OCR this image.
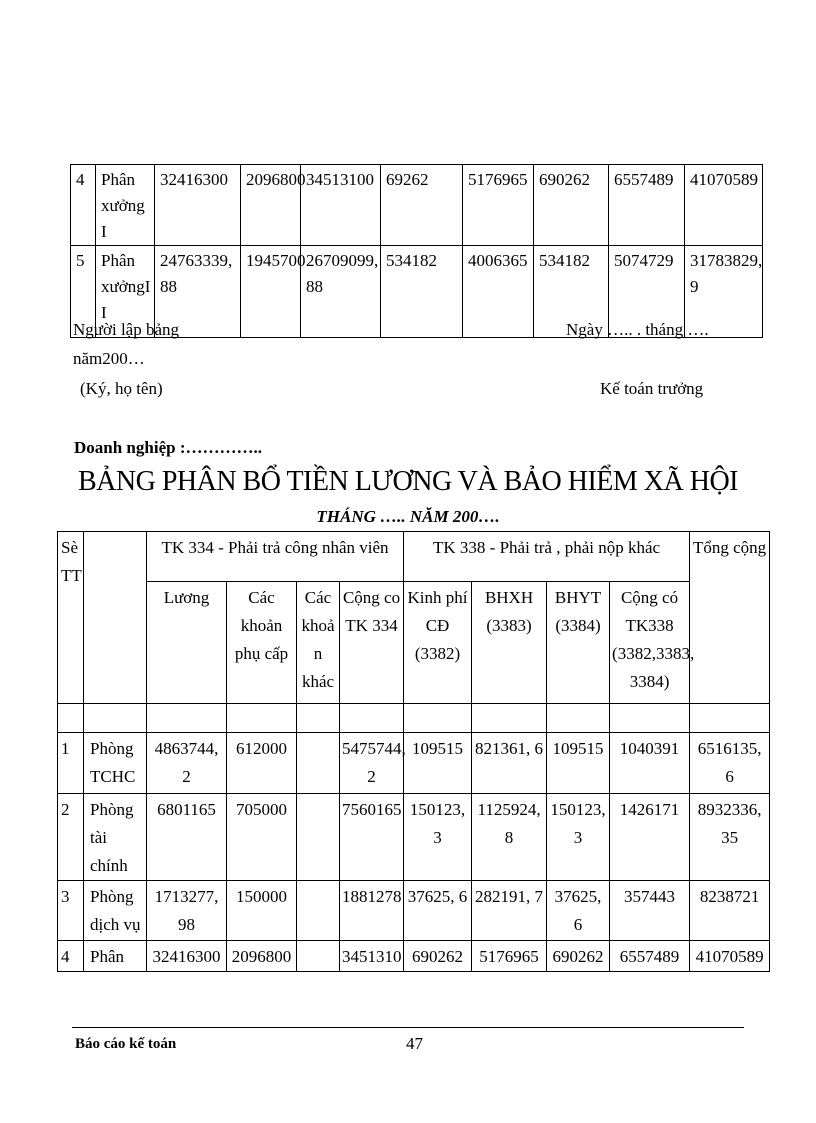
4	Phân xưởng I	32416300	2096800	34513100	69262	5176965	690262	6557489	41070589
5	Phân xưởngI I	24763339, 88	1945700	26709099, 88	534182	4006365	534182	5074729	31783829, 9
Người lập bảng	Ngày ….. . tháng ….
năm200…
(Ký, họ tên)	Kế toán trưởng
Doanh nghiệp :…………..
BẢNG PHÂN BỔ TIỀN LƯƠNG VÀ BẢO HIỂM XÃ HỘI
THÁNG ….. NĂM 200….
Sè TT		TK 334 - Phải trả công nhân viên				TK 338 - Phải trả , phải nộp khác				Tổng cộng
		Lương	Các khoản phụ cấp	Các khoả n khác	Cộng co TK 334	Kinh phí CĐ (3382)	BHXH (3383)	BHYT (3384)	Cộng có TK338 (3382,3383, 3384)	

1	Phòng TCHC	4863744, 2	612000		5475744, 2	109515	821361, 6	109515	1040391	6516135, 6
2	Phòng tài chính	6801165	705000		7560165	150123, 3	1125924, 8	150123, 3	1426171	8932336, 35
3	Phòng dịch vụ	1713277, 98	150000		1881278	37625, 6	282191, 7	37625, 6	357443	8238721
4	Phân	32416300	2096800		3451310	690262	5176965	690262	6557489	41070589
Báo cáo kế toán	47
